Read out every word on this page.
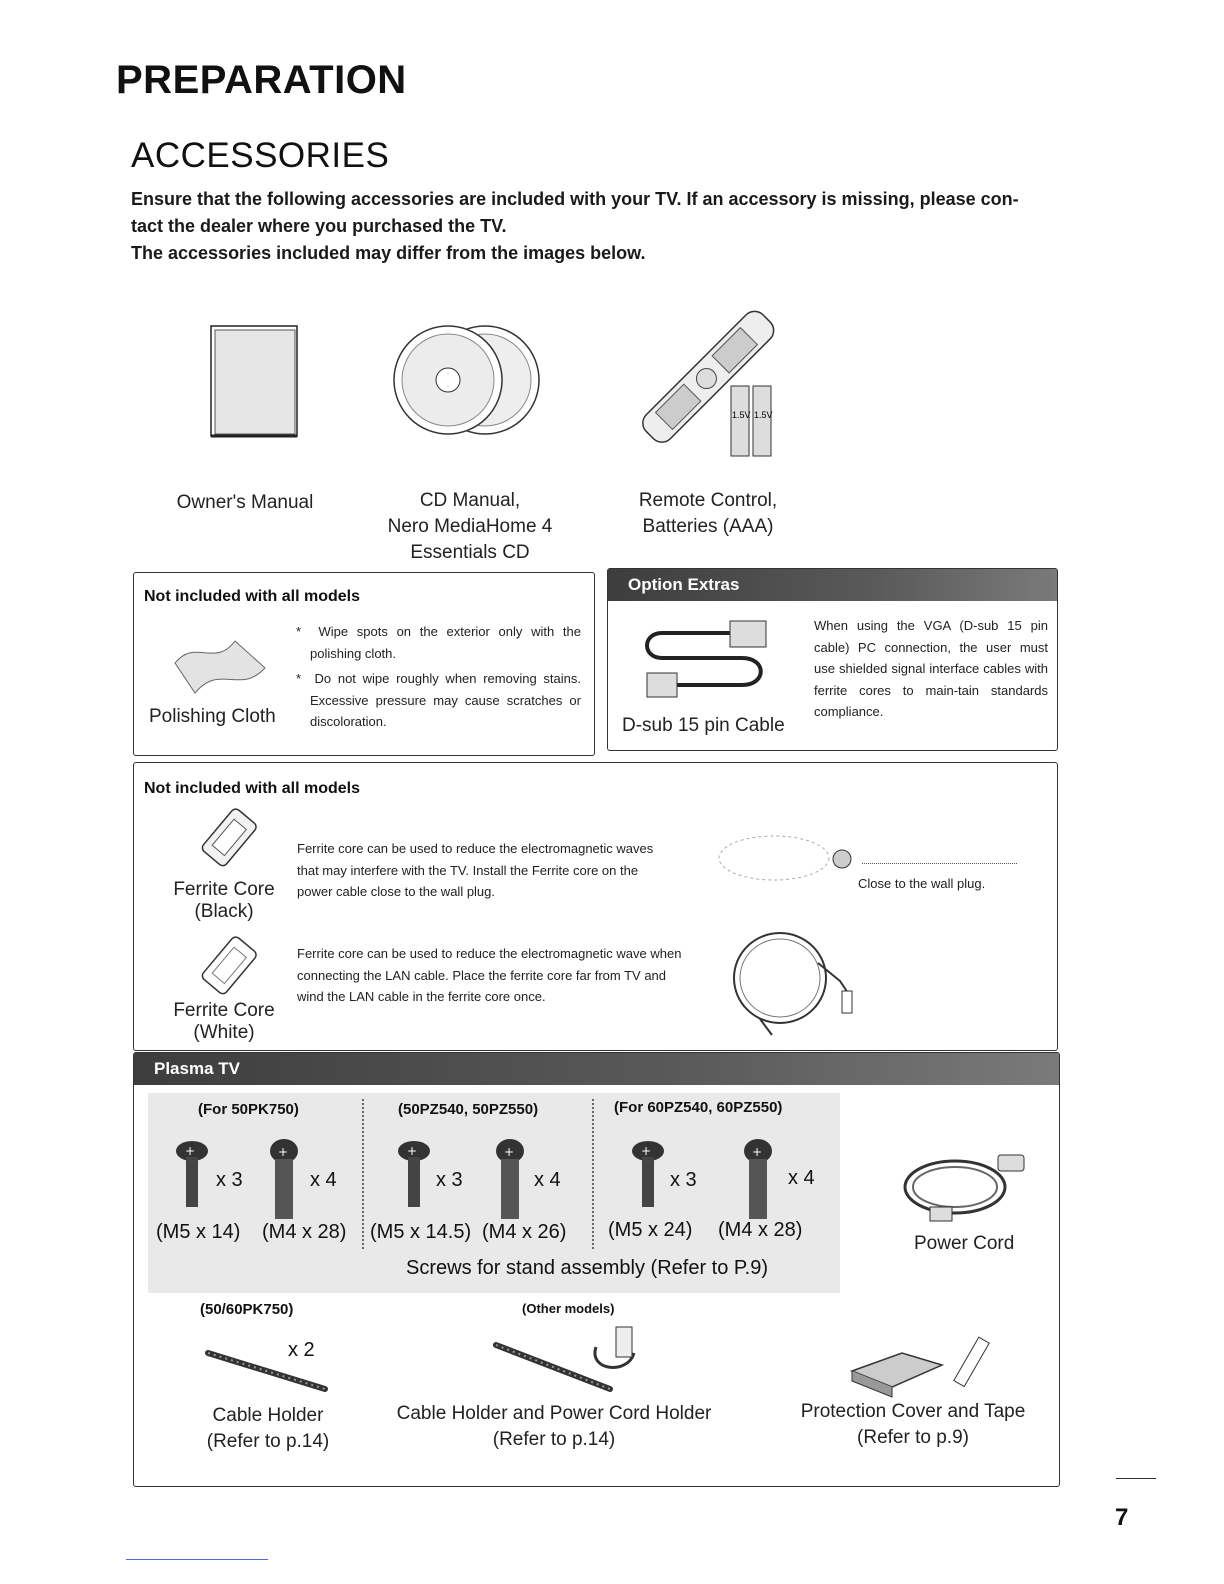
PREPARATION
ACCESSORIES

Ensure that the following accessories are included with your TV. If an accessory is missing, please con-

tact the dealer where you purchased the TV.

The accessories included may differ from the images below.

1.5V 1.5V
Owner's Manual	CD Manual,
Nero MediaHome 4
Essentials CD
Remote Control,
Batteries (AAA)
Not included with all models
Polishing Cloth
*  Wipe spots on the exterior only with the polishing cloth.
*  Do not wipe roughly when removing stains. Excessive pressure may cause scratches or discoloration.
Option Extras
D-sub 15 pin Cable
When using the VGA (D-sub 15 pin cable) PC connection, the user must use shielded signal interface cables with ferrite cores to main-tain standards compliance.
Not included with all models
Ferrite Core
(Black)
Ferrite core can be used to reduce the electromagnetic waves that may interfere with the TV. Install the Ferrite core on the power cable close to the wall plug.
Close to the wall plug.
Ferrite Core
(White)
Ferrite core can be used to reduce the electromagnetic wave when connecting the LAN cable. Place the ferrite core far from TV and wind the LAN cable in the ferrite core once.
Plasma TV
(For 50PK750)
+
x 3
+
x 4
(M5 x 14) (M4 x 28)
(50PZ540, 50PZ550)
+
x 3
+
x 4
(M5 x 14.5) (M4 x 26)
(For 60PZ540, 60PZ550)
+
x 3
+
x 4
(M5 x 24) (M4 x 28)
Screws for stand assembly (Refer to P.9)
Power Cord
(50/60PK750)
x 2
Cable Holder
(Refer to p.14)
(Other models)
Cable Holder and Power Cord Holder
(Refer to p.14)
Protection Cover and Tape
(Refer to p.9)
7
